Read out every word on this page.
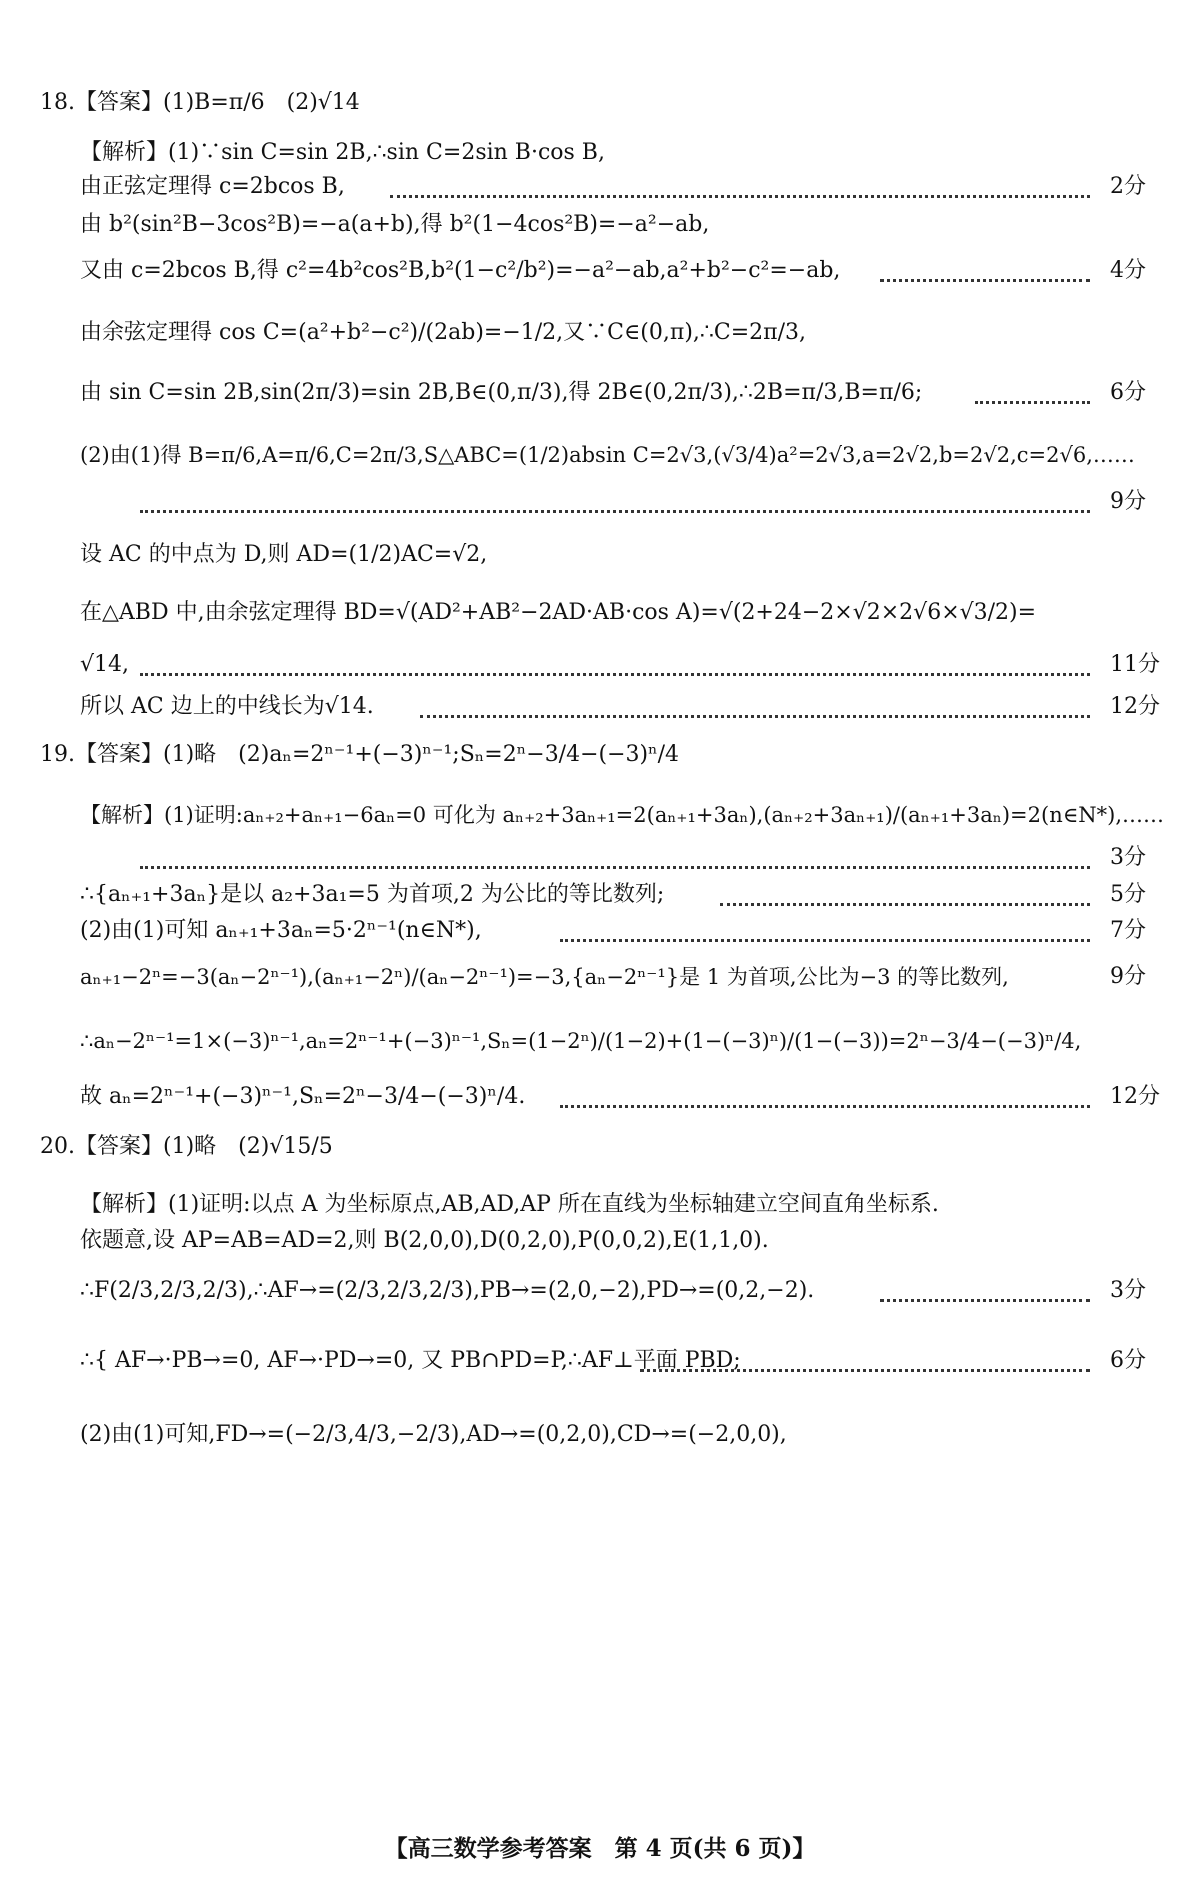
18.【答案】(1)B=π/6　(2)√14
【解析】(1)∵sin C=sin 2B,∴sin C=2sin B·cos B,
由正弦定理得 c=2bcos B,	2分
由 b²(sin²B−3cos²B)=−a(a+b),得 b²(1−4cos²B)=−a²−ab,
又由 c=2bcos B,得 c²=4b²cos²B,b²(1−c²/b²)=−a²−ab,a²+b²−c²=−ab,	4分
由余弦定理得 cos C=(a²+b²−c²)/(2ab)=−1/2,又∵C∈(0,π),∴C=2π/3,
由 sin C=sin 2B,sin(2π/3)=sin 2B,B∈(0,π/3),得 2B∈(0,2π/3),∴2B=π/3,B=π/6;	6分
(2)由(1)得 B=π/6,A=π/6,C=2π/3,S△ABC=(1/2)absin C=2√3,(√3/4)a²=2√3,a=2√2,b=2√2,c=2√6,……
9分
设 AC 的中点为 D,则 AD=(1/2)AC=√2,
在△ABD 中,由余弦定理得 BD=√(AD²+AB²−2AD·AB·cos A)=√(2+24−2×√2×2√6×√3/2)=
√14,	11分
所以 AC 边上的中线长为√14.	12分
19.【答案】(1)略　(2)aₙ=2ⁿ⁻¹+(−3)ⁿ⁻¹;Sₙ=2ⁿ−3/4−(−3)ⁿ/4
【解析】(1)证明:aₙ₊₂+aₙ₊₁−6aₙ=0 可化为 aₙ₊₂+3aₙ₊₁=2(aₙ₊₁+3aₙ),(aₙ₊₂+3aₙ₊₁)/(aₙ₊₁+3aₙ)=2(n∈N*),……
3分
∴{aₙ₊₁+3aₙ}是以 a₂+3a₁=5 为首项,2 为公比的等比数列;	5分
(2)由(1)可知 aₙ₊₁+3aₙ=5·2ⁿ⁻¹(n∈N*),	7分
aₙ₊₁−2ⁿ=−3(aₙ−2ⁿ⁻¹),(aₙ₊₁−2ⁿ)/(aₙ−2ⁿ⁻¹)=−3,{aₙ−2ⁿ⁻¹}是 1 为首项,公比为−3 的等比数列,	9分
∴aₙ−2ⁿ⁻¹=1×(−3)ⁿ⁻¹,aₙ=2ⁿ⁻¹+(−3)ⁿ⁻¹,Sₙ=(1−2ⁿ)/(1−2)+(1−(−3)ⁿ)/(1−(−3))=2ⁿ−3/4−(−3)ⁿ/4,
故 aₙ=2ⁿ⁻¹+(−3)ⁿ⁻¹,Sₙ=2ⁿ−3/4−(−3)ⁿ/4.	12分
20.【答案】(1)略　(2)√15/5
【解析】(1)证明:以点 A 为坐标原点,AB,AD,AP 所在直线为坐标轴建立空间直角坐标系.
依题意,设 AP=AB=AD=2,则 B(2,0,0),D(0,2,0),P(0,0,2),E(1,1,0).
∴F(2/3,2/3,2/3),∴AF→=(2/3,2/3,2/3),PB→=(2,0,−2),PD→=(0,2,−2).	3分
∴{ AF→·PB→=0, AF→·PD→=0, 又 PB∩PD=P,∴AF⊥平面 PBD;	6分
(2)由(1)可知,FD→=(−2/3,4/3,−2/3),AD→=(0,2,0),CD→=(−2,0,0),
【高三数学参考答案　第 4 页(共 6 页)】
